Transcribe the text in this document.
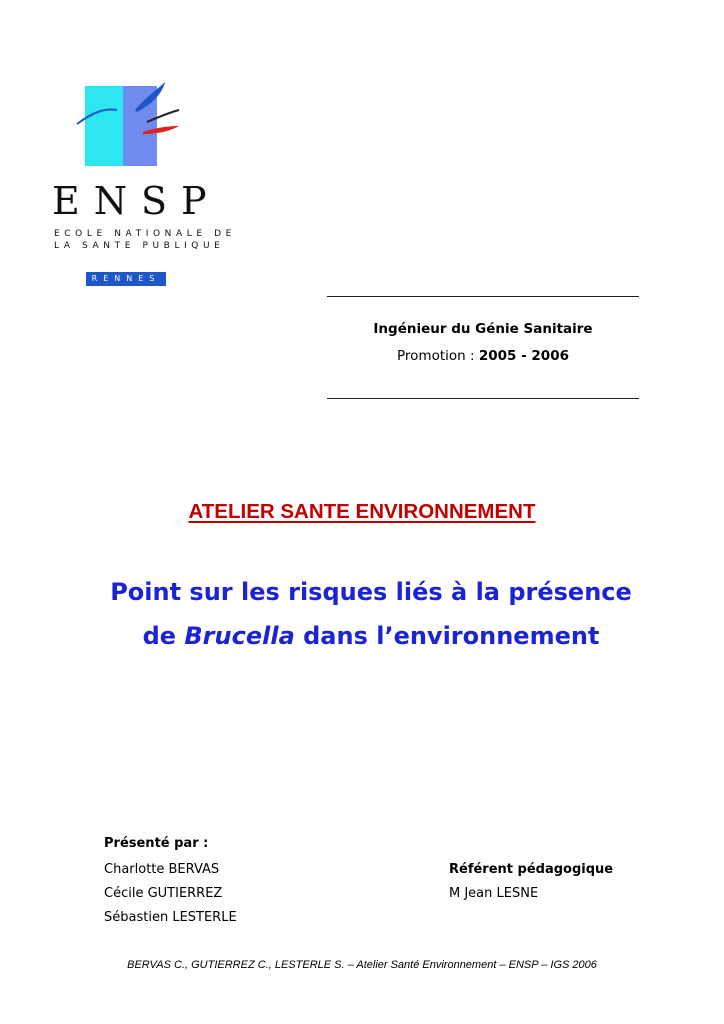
ENSP
ECOLE NATIONALE DE
LA SANTE PUBLIQUE
RENNES
Ingénieur du Génie Sanitaire
Promotion : 2005 - 2006
ATELIER SANTE ENVIRONNEMENT
Point sur les risques liés à la présence
de Brucella dans l’environnement
Présenté par :
Charlotte BERVAS
Cécile GUTIERREZ
Sébastien LESTERLE
Référent pédagogique
M Jean LESNE
BERVAS C., GUTIERREZ C., LESTERLE S. – Atelier Santé Environnement – ENSP – IGS 2006
